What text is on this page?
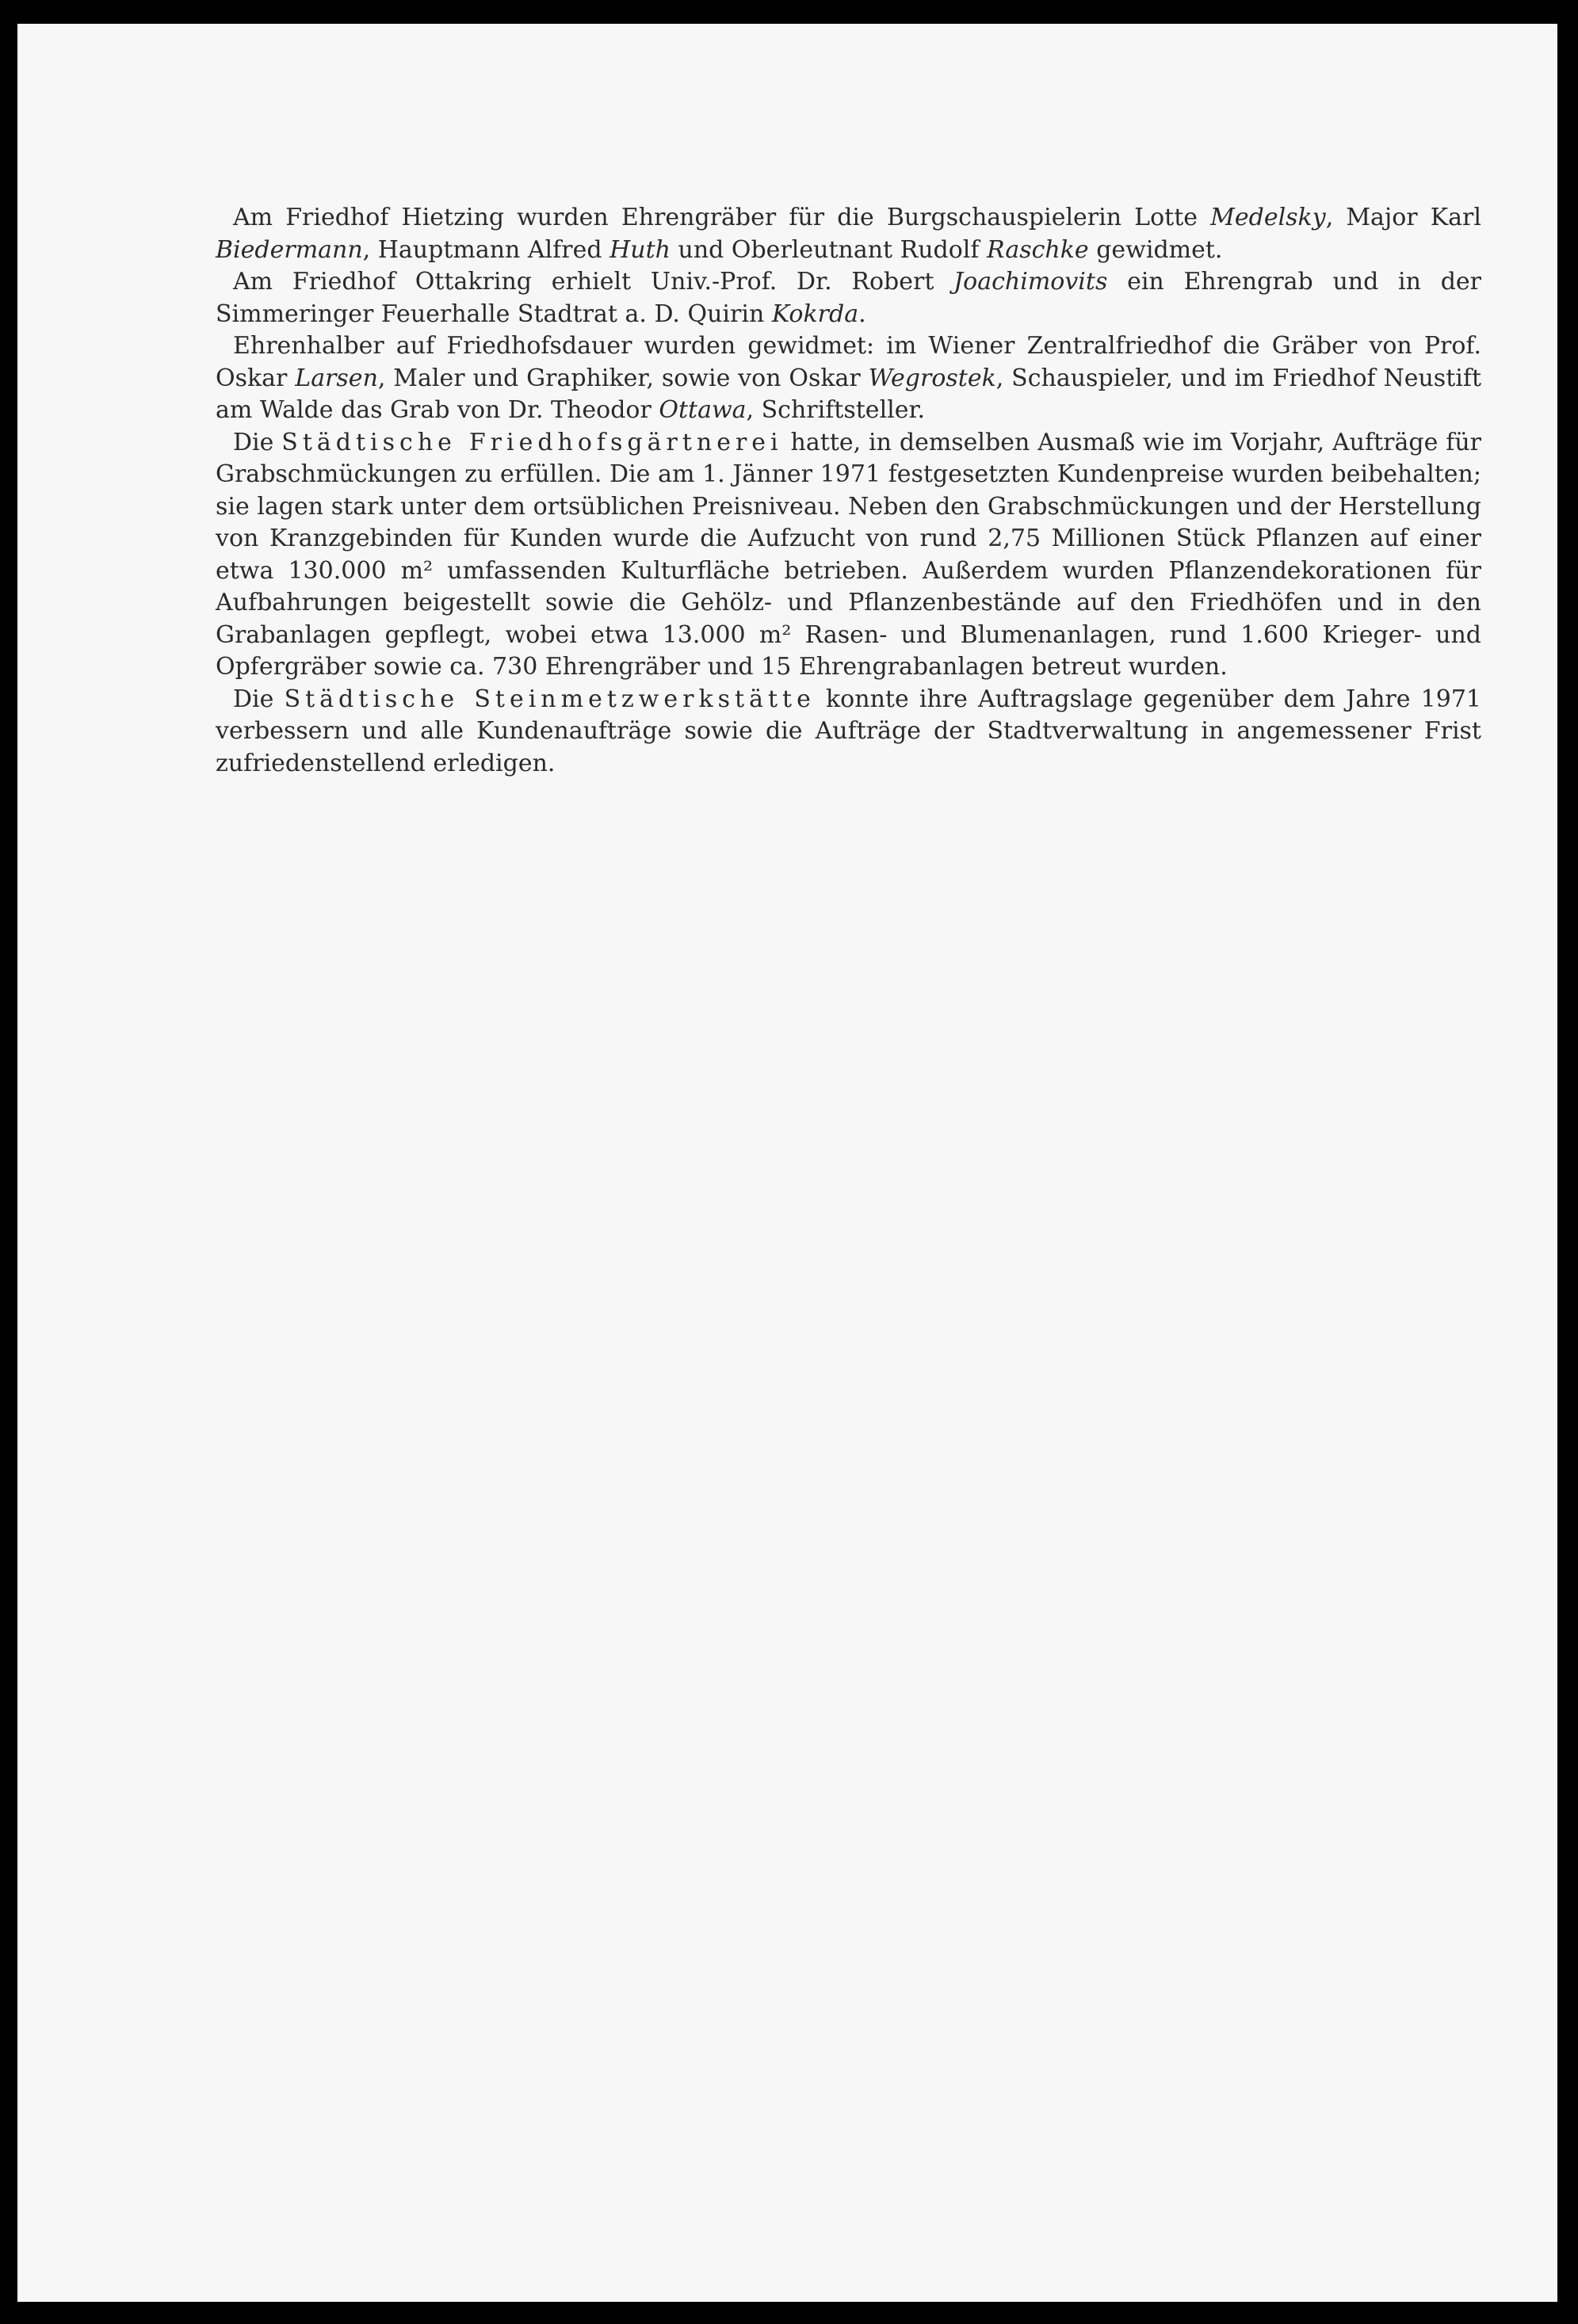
Am Friedhof Hietzing wurden Ehrengräber für die Burgschauspielerin Lotte Medelsky, Major Karl Biedermann, Hauptmann Alfred Huth und Oberleutnant Rudolf Raschke gewidmet.

Am Friedhof Ottakring erhielt Univ.-Prof. Dr. Robert Joachimovits ein Ehrengrab und in der Simmeringer Feuerhalle Stadtrat a. D. Quirin Kokrda.

Ehrenhalber auf Friedhofsdauer wurden gewidmet: im Wiener Zentralfriedhof die Gräber von Prof. Oskar Larsen, Maler und Graphiker, sowie von Oskar Wegrostek, Schauspieler, und im Friedhof Neustift am Walde das Grab von Dr. Theodor Ottawa, Schriftsteller.

Die Städtische Friedhofsgärtnerei hatte, in demselben Ausmaß wie im Vorjahr, Aufträge für Grabschmückungen zu erfüllen. Die am 1. Jänner 1971 festgesetzten Kundenpreise wurden beibehalten; sie lagen stark unter dem ortsüblichen Preisniveau. Neben den Grabschmückungen und der Herstellung von Kranzgebinden für Kunden wurde die Aufzucht von rund 2,75 Millionen Stück Pflanzen auf einer etwa 130.000 m² umfassenden Kulturfläche betrieben. Außerdem wurden Pflanzendekorationen für Aufbahrungen beigestellt sowie die Gehölz- und Pflanzenbestände auf den Friedhöfen und in den Grabanlagen gepflegt, wobei etwa 13.000 m² Rasen- und Blumenanlagen, rund 1.600 Krieger- und Opfergräber sowie ca. 730 Ehrengräber und 15 Ehrengrabanlagen betreut wurden.

Die Städtische Steinmetzwerkstätte konnte ihre Auftragslage gegenüber dem Jahre 1971 verbessern und alle Kundenaufträge sowie die Aufträge der Stadtverwaltung in angemessener Frist zufriedenstellend erledigen.
